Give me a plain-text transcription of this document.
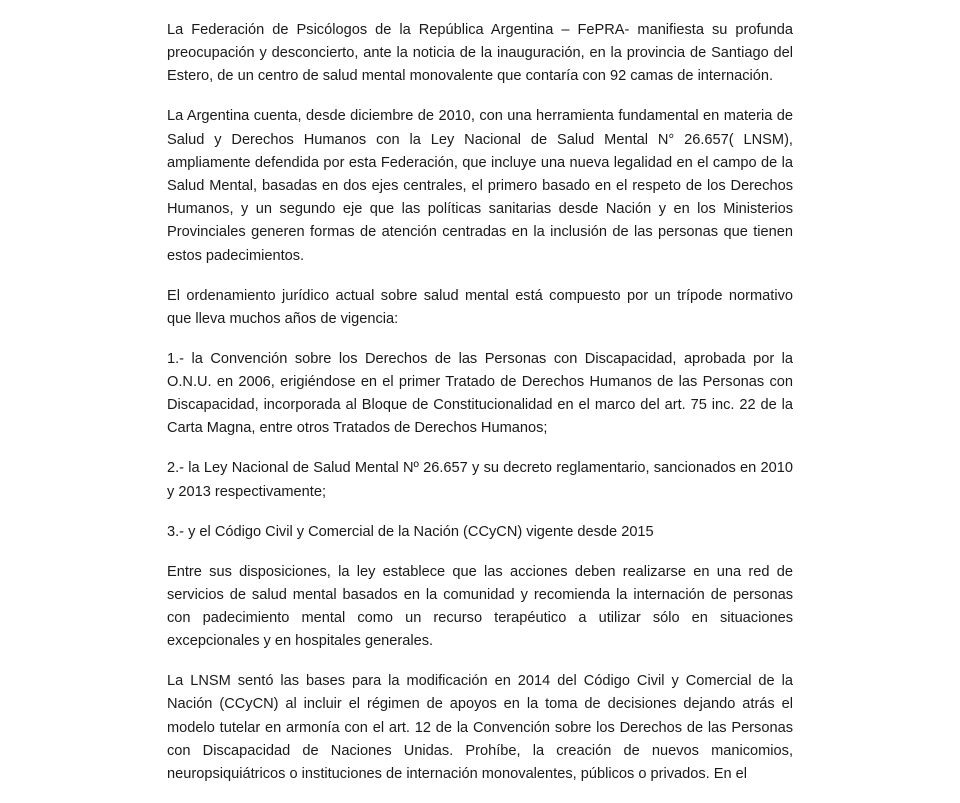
La Federación de Psicólogos de la República Argentina – FePRA- manifiesta su profunda preocupación y desconcierto, ante la noticia de la inauguración, en la provincia de Santiago del Estero, de un centro de salud mental monovalente que contaría con 92 camas de internación.

La Argentina cuenta, desde diciembre de 2010, con una herramienta fundamental en materia de Salud y Derechos Humanos con la Ley Nacional de Salud Mental N° 26.657( LNSM), ampliamente defendida por esta Federación, que incluye una nueva legalidad en el campo de la Salud Mental, basadas en dos ejes centrales, el primero basado en el respeto de los Derechos Humanos, y un segundo eje que las políticas sanitarias desde Nación y en los Ministerios Provinciales generen formas de atención centradas en la inclusión de las personas que tienen estos padecimientos.

El ordenamiento jurídico actual sobre salud mental está compuesto por un trípode normativo que lleva muchos años de vigencia:

1.- la Convención sobre los Derechos de las Personas con Discapacidad, aprobada por la O.N.U. en 2006, erigiéndose en el primer Tratado de Derechos Humanos de las Personas con Discapacidad, incorporada al Bloque de Constitucionalidad en el marco del art. 75 inc. 22 de la Carta Magna, entre otros Tratados de Derechos Humanos;

2.- la Ley Nacional de Salud Mental Nº 26.657 y su decreto reglamentario, sancionados en 2010 y 2013 respectivamente;

3.- y el Código Civil y Comercial de la Nación (CCyCN) vigente desde 2015

Entre sus disposiciones, la ley establece que las acciones deben realizarse en una red de servicios de salud mental basados en la comunidad y recomienda la internación de personas con padecimiento mental como un recurso terapéutico a utilizar sólo en situaciones excepcionales y en hospitales generales.

La LNSM sentó las bases para la modificación en 2014 del Código Civil y Comercial de la Nación (CCyCN) al incluir el régimen de apoyos en la toma de decisiones dejando atrás el modelo tutelar en armonía con el art. 12 de la Convención sobre los Derechos de las Personas con Discapacidad de Naciones Unidas. Prohíbe, la creación de nuevos manicomios, neuropsiquiátricos o instituciones de internación monovalentes, públicos o privados. En el
